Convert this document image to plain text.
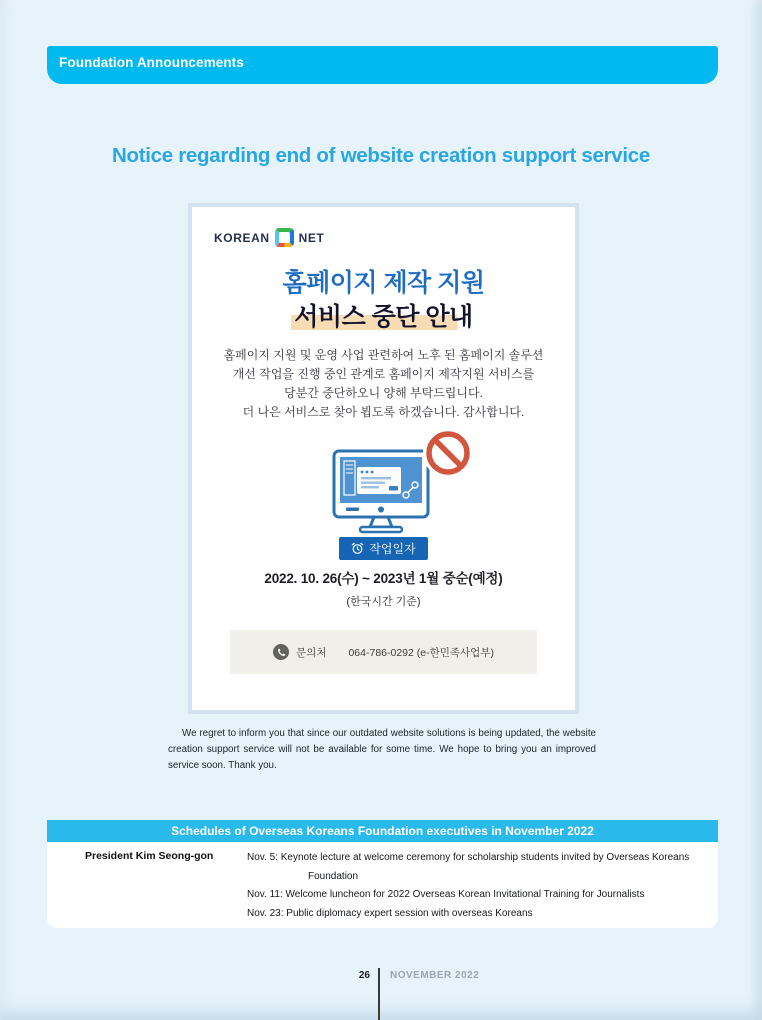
Foundation Announcements
Notice regarding end of website creation support service
KOREAN NET
홈페이지 제작 지원
서비스 중단 안내
홈페이지 지원 및 운영 사업 관련하여 노후 된 홈페이지 솔루션
개선 작업을 진행 중인 관계로 홈페이지 제작지원 서비스를
당분간 중단하오니 양해 부탁드립니다.
더 나은 서비스로 찾아 뵙도록 하겠습니다. 감사합니다.
작업일자
2022. 10. 26(수) ~ 2023년 1월 중순(예정)
(한국시간 기준)
문의처 064-786-0292 (e-한민족사업부)

We regret to inform you that since our outdated website solutions is being updated, the website creation support service will not be available for some time. We hope to bring you an improved service soon. Thank you.

Schedules of Overseas Koreans Foundation executives in November 2022
President Kim Seong-gon	Nov. 5: Keynote lecture at welcome ceremony for scholarship students invited by Overseas Koreans Foundation
Nov. 11: Welcome luncheon for 2022 Overseas Korean Invitational Training for Journalists
Nov. 23: Public diplomacy expert session with overseas Koreans
26 NOVEMBER 2022
